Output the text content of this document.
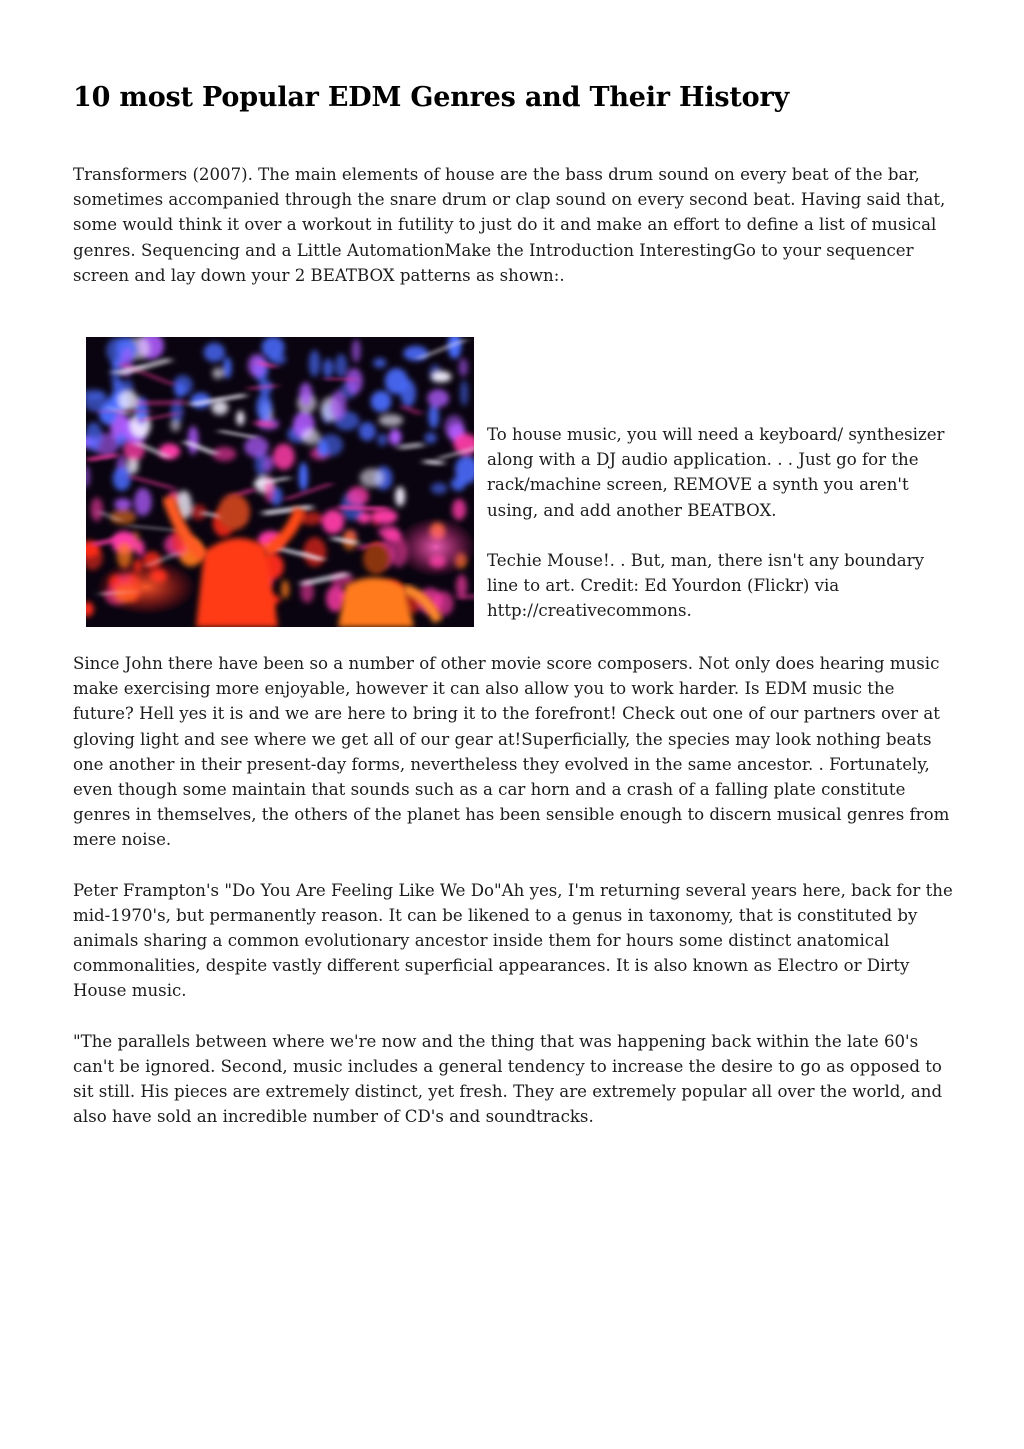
10 most Popular EDM Genres and Their History

Transformers (2007). The main elements of house are the bass drum sound on every beat of the bar, sometimes accompanied through the snare drum or clap sound on every second beat. Having said that, some would think it over a workout in futility to just do it and make an effort to define a list of musical genres. Sequencing and a Little AutomationMake the Introduction InterestingGo to your sequencer screen and lay down your 2 BEATBOX patterns as shown:.

To house music, you will need a keyboard/ synthesizer along with a DJ audio application. . . Just go for the rack/machine screen, REMOVE a synth you aren't using, and add another BEATBOX.

Techie Mouse!. . But, man, there isn't any boundary line to art. Credit: Ed Yourdon (Flickr) via http://creativecommons.

Since John there have been so a number of other movie score composers. Not only does hearing music make exercising more enjoyable, however it can also allow you to work harder. Is EDM music the future? Hell yes it is and we are here to bring it to the forefront! Check out one of our partners over at gloving light and see where we get all of our gear at!Superficially, the species may look nothing beats one another in their present-day forms, nevertheless they evolved in the same ancestor. . Fortunately, even though some maintain that sounds such as a car horn and a crash of a falling plate constitute genres in themselves, the others of the planet has been sensible enough to discern musical genres from mere noise.

Peter Frampton's "Do You Are Feeling Like We Do"Ah yes, I'm returning several years here, back for the mid-1970's, but permanently reason. It can be likened to a genus in taxonomy, that is constituted by animals sharing a common evolutionary ancestor inside them for hours some distinct anatomical commonalities, despite vastly different superficial appearances. It is also known as Electro or Dirty House music.

"The parallels between where we're now and the thing that was happening back within the late 60's can't be ignored. Second, music includes a general tendency to increase the desire to go as opposed to sit still. His pieces are extremely distinct, yet fresh. They are extremely popular all over the world, and also have sold an incredible number of CD's and soundtracks.
